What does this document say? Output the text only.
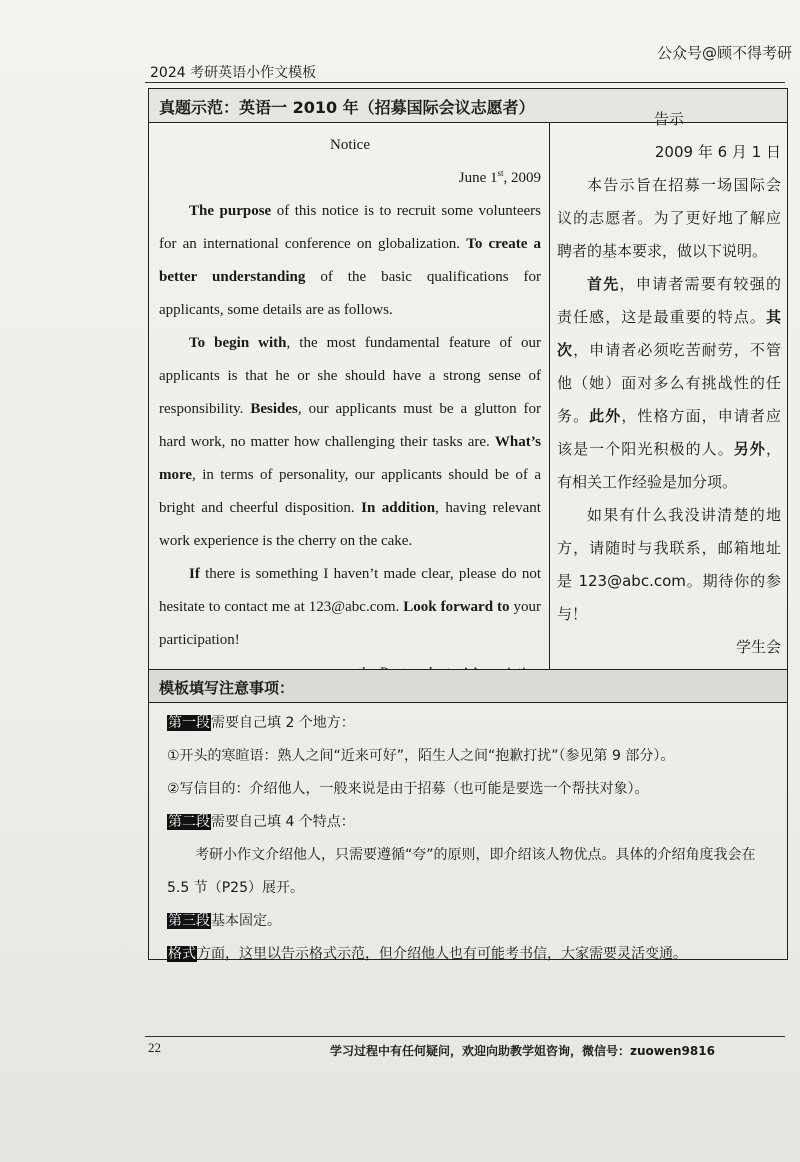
公众号@顾不得考研
2024 考研英语小作文模板
真题示范：英语一 2010 年（招募国际会议志愿者）

Notice

June 1st, 2009

The purpose of this notice is to recruit some volunteers for an international conference on globalization. To create a better understanding of the basic qualifications for applicants, some details are as follows.

To begin with, the most fundamental feature of our applicants is that he or she should have a strong sense of responsibility. Besides, our applicants must be a glutton for hard work, no matter how challenging their tasks are. What’s more, in terms of personality, our applicants should be of a bright and cheerful disposition. In addition, having relevant work experience is the cherry on the cake.

If there is something I haven’t made clear, please do not hesitate to contact me at 123@abc.com. Look forward to your participation!

告示

2009 年 6 月 1 日

本告示旨在招募一场国际会议的志愿者。为了更好地了解应聘者的基本要求，做以下说明。

首先，申请者需要有较强的责任感，这是最重要的特点。其次，申请者必须吃苦耐劳，不管他（她）面对多么有挑战性的任务。此外，性格方面，申请者应该是一个阳光积极的人。另外，有相关工作经验是加分项。

如果有什么我没讲清楚的地方，请随时与我联系，邮箱地址是 123@abc.com。期待你的参与！

学生会

模板填写注意事项：

第一段需要自己填 2 个地方：

①开头的寒暄语：熟人之间“近来可好”，陌生人之间“抱歉打扰”（参见第 9 部分）。

②写信目的：介绍他人，一般来说是由于招募（也可能是要选一个帮扶对象）。

第二段需要自己填 4 个特点：

考研小作文介绍他人，只需要遵循“夸”的原则，即介绍该人物优点。具体的介绍角度我会在 5.5 节（P25）展开。

第三段基本固定。

格式方面，这里以告示格式示范，但介绍他人也有可能考书信，大家需要灵活变通。

22	学习过程中有任何疑问，欢迎向助教学姐咨询，微信号：zuowen9816
